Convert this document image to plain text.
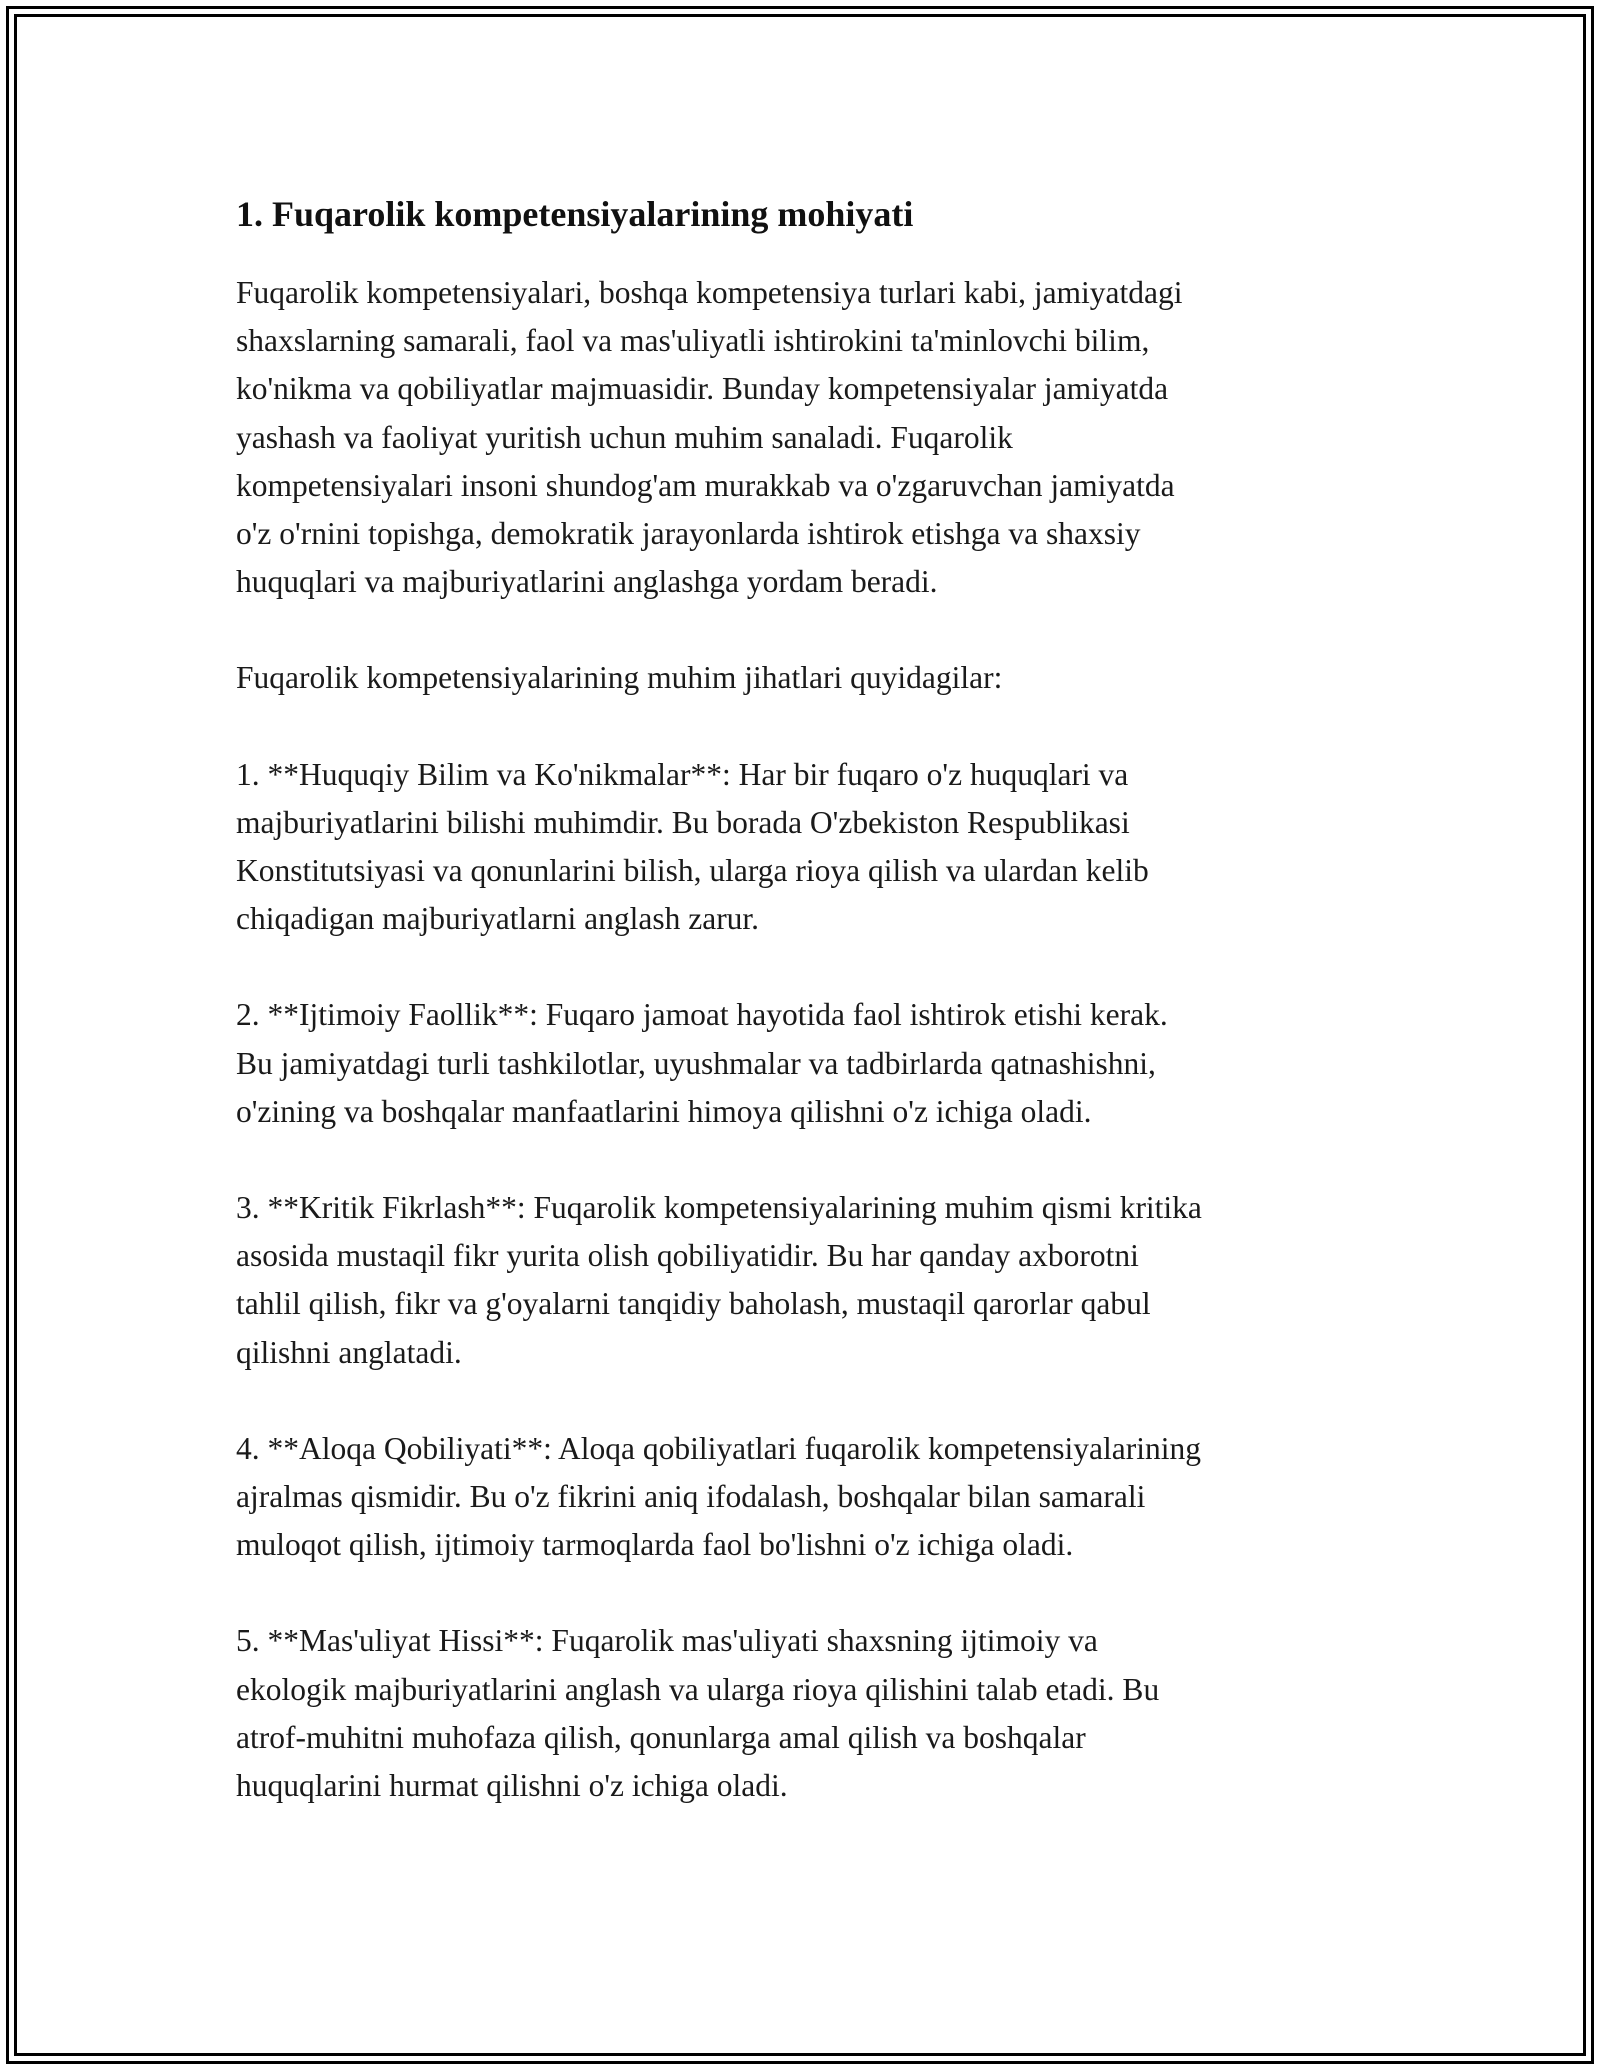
1. Fuqarolik kompetensiyalarining mohiyati

Fuqarolik kompetensiyalari, boshqa kompetensiya turlari kabi, jamiyatdagi
shaxslarning samarali, faol va mas'uliyatli ishtirokini ta'minlovchi bilim,
ko'nikma va qobiliyatlar majmuasidir. Bunday kompetensiyalar jamiyatda
yashash va faoliyat yuritish uchun muhim sanaladi. Fuqarolik
kompetensiyalari insoni shundog'am murakkab va o'zgaruvchan jamiyatda
o'z o'rnini topishga, demokratik jarayonlarda ishtirok etishga va shaxsiy
huquqlari va majburiyatlarini anglashga yordam beradi.

Fuqarolik kompetensiyalarining muhim jihatlari quyidagilar:

1. **Huquqiy Bilim va Ko'nikmalar**: Har bir fuqaro o'z huquqlari va
majburiyatlarini bilishi muhimdir. Bu borada O'zbekiston Respublikasi
Konstitutsiyasi va qonunlarini bilish, ularga rioya qilish va ulardan kelib
chiqadigan majburiyatlarni anglash zarur.

2. **Ijtimoiy Faollik**: Fuqaro jamoat hayotida faol ishtirok etishi kerak.
Bu jamiyatdagi turli tashkilotlar, uyushmalar va tadbirlarda qatnashishni,
o'zining va boshqalar manfaatlarini himoya qilishni o'z ichiga oladi.

3. **Kritik Fikrlash**: Fuqarolik kompetensiyalarining muhim qismi kritika
asosida mustaqil fikr yurita olish qobiliyatidir. Bu har qanday axborotni
tahlil qilish, fikr va g'oyalarni tanqidiy baholash, mustaqil qarorlar qabul
qilishni anglatadi.

4. **Aloqa Qobiliyati**: Aloqa qobiliyatlari fuqarolik kompetensiyalarining
ajralmas qismidir. Bu o'z fikrini aniq ifodalash, boshqalar bilan samarali
muloqot qilish, ijtimoiy tarmoqlarda faol bo'lishni o'z ichiga oladi.

5. **Mas'uliyat Hissi**: Fuqarolik mas'uliyati shaxsning ijtimoiy va
ekologik majburiyatlarini anglash va ularga rioya qilishini talab etadi. Bu
atrof-muhitni muhofaza qilish, qonunlarga amal qilish va boshqalar
huquqlarini hurmat qilishni o'z ichiga oladi.
